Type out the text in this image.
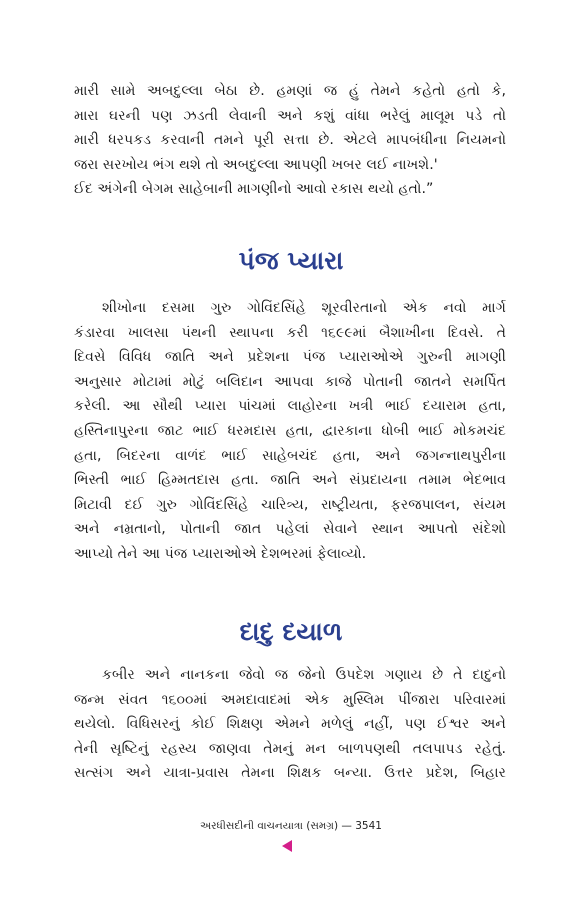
મારી સામે અબદુલ્લા બેઠા છે. હમણાં જ હું તેમને કહેતો હતો કે,
મારા ઘરની પણ ઝડતી લેવાની અને કશું વાંધા ભરેલું માલૂમ પડે તો
મારી ધરપકડ કરવાની તમને પૂરી સત્તા છે. એટલે માપબંધીના નિયમનો
જરા સરખોય ભંગ થશે તો અબદુલ્લા આપણી ખબર લઈ નાખશે.'
ઈદ અંગેની બેગમ સાહેબાની માગણીનો આવો રકાસ થયો હતો.”
પંજ પ્યારા
શીખોના દસમા ગુરુ ગોવિંદસિંહે શૂરવીરતાનો એક નવો માર્ગ
કંડારવા ખાલસા પંથની સ્થાપના કરી ૧૬૯૯માં બૈશાખીના દિવસે. તે
દિવસે વિવિધ જાતિ અને પ્રદેશના પંજ પ્યારાઓએ ગુરુની માગણી
અનુસાર મોટામાં મોટું બલિદાન આપવા કાજે પોતાની જાતને સમર્પિત
કરેલી. આ સૌથી પ્યારા પાંચમાં લાહોરના ખત્રી ભાઈ દયારામ હતા,
હસ્તિનાપુરના જાટ ભાઈ ધરમદાસ હતા, દ્વારકાના ધોબી ભાઈ મોકમચંદ
હતા, બિદરના વાળંદ ભાઈ સાહેબચંદ હતા, અને જગન્નાથપુરીના
ભિસ્તી ભાઈ હિમ્મતદાસ હતા. જાતિ અને સંપ્રદાયના તમામ ભેદભાવ
મિટાવી દઈ ગુરુ ગોવિંદસિંહે ચારિત્ર્ય, રાષ્ટ્રીયતા, ફરજપાલન, સંયમ
અને નમ્રતાનો, પોતાની જાત પહેલાં સેવાને સ્થાન આપતો સંદેશો
આપ્યો તેને આ પંજ પ્યારાઓએ દેશભરમાં ફેલાવ્યો.
દાદુ દયાળ
કબીર અને નાનકના જેવો જ જેનો ઉપદેશ ગણાય છે તે દાદુનો
જન્મ સંવત ૧૬૦૦માં અમદાવાદમાં એક મુસ્લિમ પીંજારા પરિવારમાં
થયેલો. વિધિસરનું કોઈ શિક્ષણ એમને મળેલું નહીં, પણ ઈશ્વર અને
તેની સૃષ્ટિનું રહસ્ય જાણવા તેમનું મન બાળપણથી તલપાપડ રહેતું.
સત્સંગ અને યાત્રા-પ્રવાસ તેમના શિક્ષક બન્યા. ઉત્તર પ્રદેશ, બિહાર
અરધીસદીની વાચનયાત્રા (સમગ્ર) — 3541
